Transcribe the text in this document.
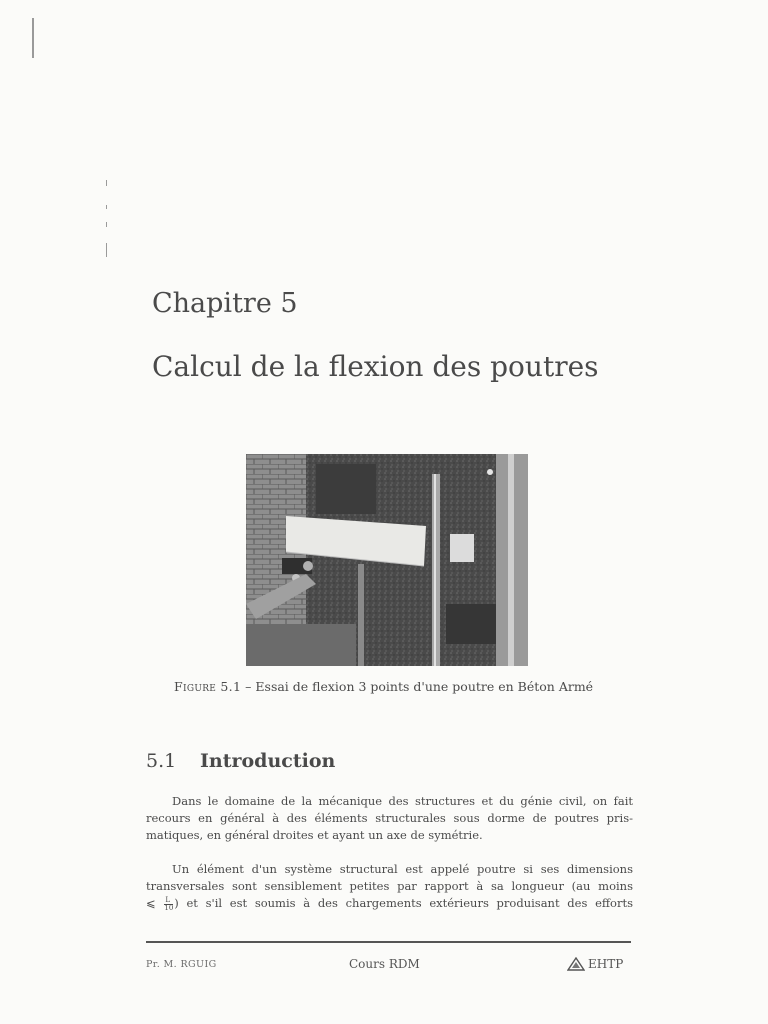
Chapitre 5
Calcul de la flexion des poutres
Figure 5.1 – Essai de flexion 3 points d'une poutre en Béton Armé
5.1 Introduction
Dans le domaine de la mécanique des structures et du génie civil, on fait
recours en général à des éléments structurales sous dorme de poutres pris-
matiques, en général droites et ayant un axe de symétrie.
Un élément d'un système structural est appelé poutre si ses dimensions
transversales sont sensiblement petites par rapport à sa longueur (au moins
⩽ $\frac{L}{10}$ ) et s'il est soumis à des chargements extérieurs produisant des efforts
Pr. M. RGUIG	Cours RDM	EHTP
